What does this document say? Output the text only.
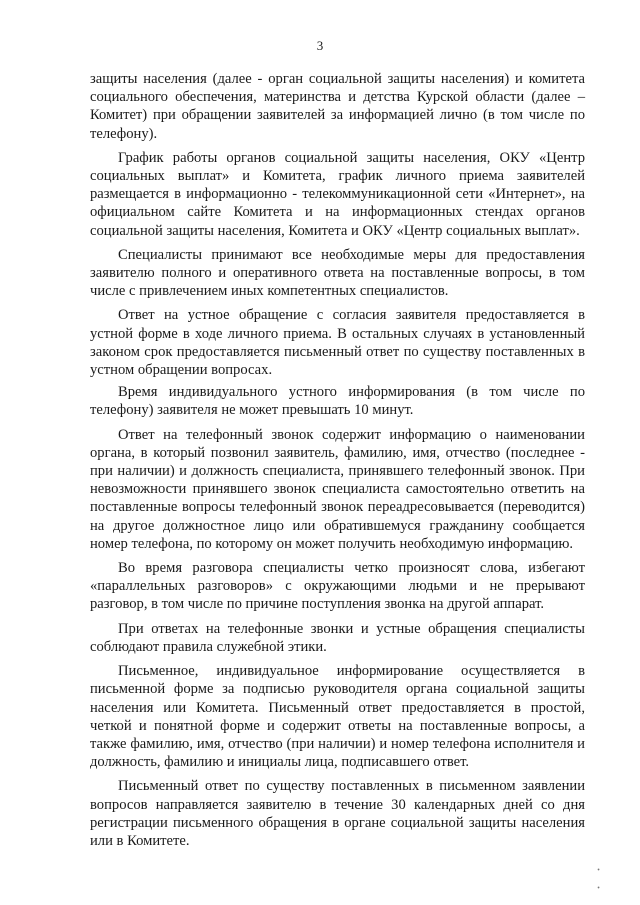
3

защиты населения (далее - орган социальной защиты населения) и комитета социального обеспечения, материнства и детства Курской области (далее – Комитет) при обращении заявителей за информацией лично (в том числе по телефону).

График работы органов социальной защиты населения, ОКУ «Центр социальных выплат» и Комитета, график личного приема заявителей размещается в информационно - телекоммуникационной сети «Интернет», на официальном сайте Комитета и на информационных стендах органов социальной защиты населения, Комитета и ОКУ «Центр социальных выплат».

Специалисты принимают все необходимые меры для предоставления заявителю полного и оперативного ответа на поставленные вопросы, в том числе с привлечением иных компетентных специалистов.

Ответ на устное обращение с согласия заявителя предоставляется в устной форме в ходе личного приема. В остальных случаях в установленный законом срок предоставляется письменный ответ по существу поставленных в устном обращении вопросах.

Время индивидуального устного информирования (в том числе по телефону) заявителя не может превышать 10 минут.

Ответ на телефонный звонок содержит информацию о наименовании органа, в который позвонил заявитель, фамилию, имя, отчество (последнее - при наличии) и должность специалиста, принявшего телефонный звонок. При невозможности принявшего звонок специалиста самостоятельно ответить на поставленные вопросы телефонный звонок переадресовывается (переводится) на другое должностное лицо или обратившемуся гражданину сообщается номер телефона, по которому он может получить необходимую информацию.

Во время разговора специалисты четко произносят слова, избегают «параллельных разговоров» с окружающими людьми и не прерывают разговор, в том числе по причине поступления звонка на другой аппарат.

При ответах на телефонные звонки и устные обращения специалисты соблюдают правила служебной этики.

Письменное, индивидуальное информирование осуществляется в письменной форме за подписью руководителя органа социальной защиты населения или Комитета. Письменный ответ предоставляется в простой, четкой и понятной форме и содержит ответы на поставленные вопросы, а также фамилию, имя, отчество (при наличии) и номер телефона исполнителя и должность, фамилию и инициалы лица, подписавшего ответ.

Письменный ответ по существу поставленных в письменном заявлении вопросов направляется заявителю в течение 30 календарных дней со дня регистрации письменного обращения в органе социальной защиты населения или в Комитете.

ꞏ
ꞏ
